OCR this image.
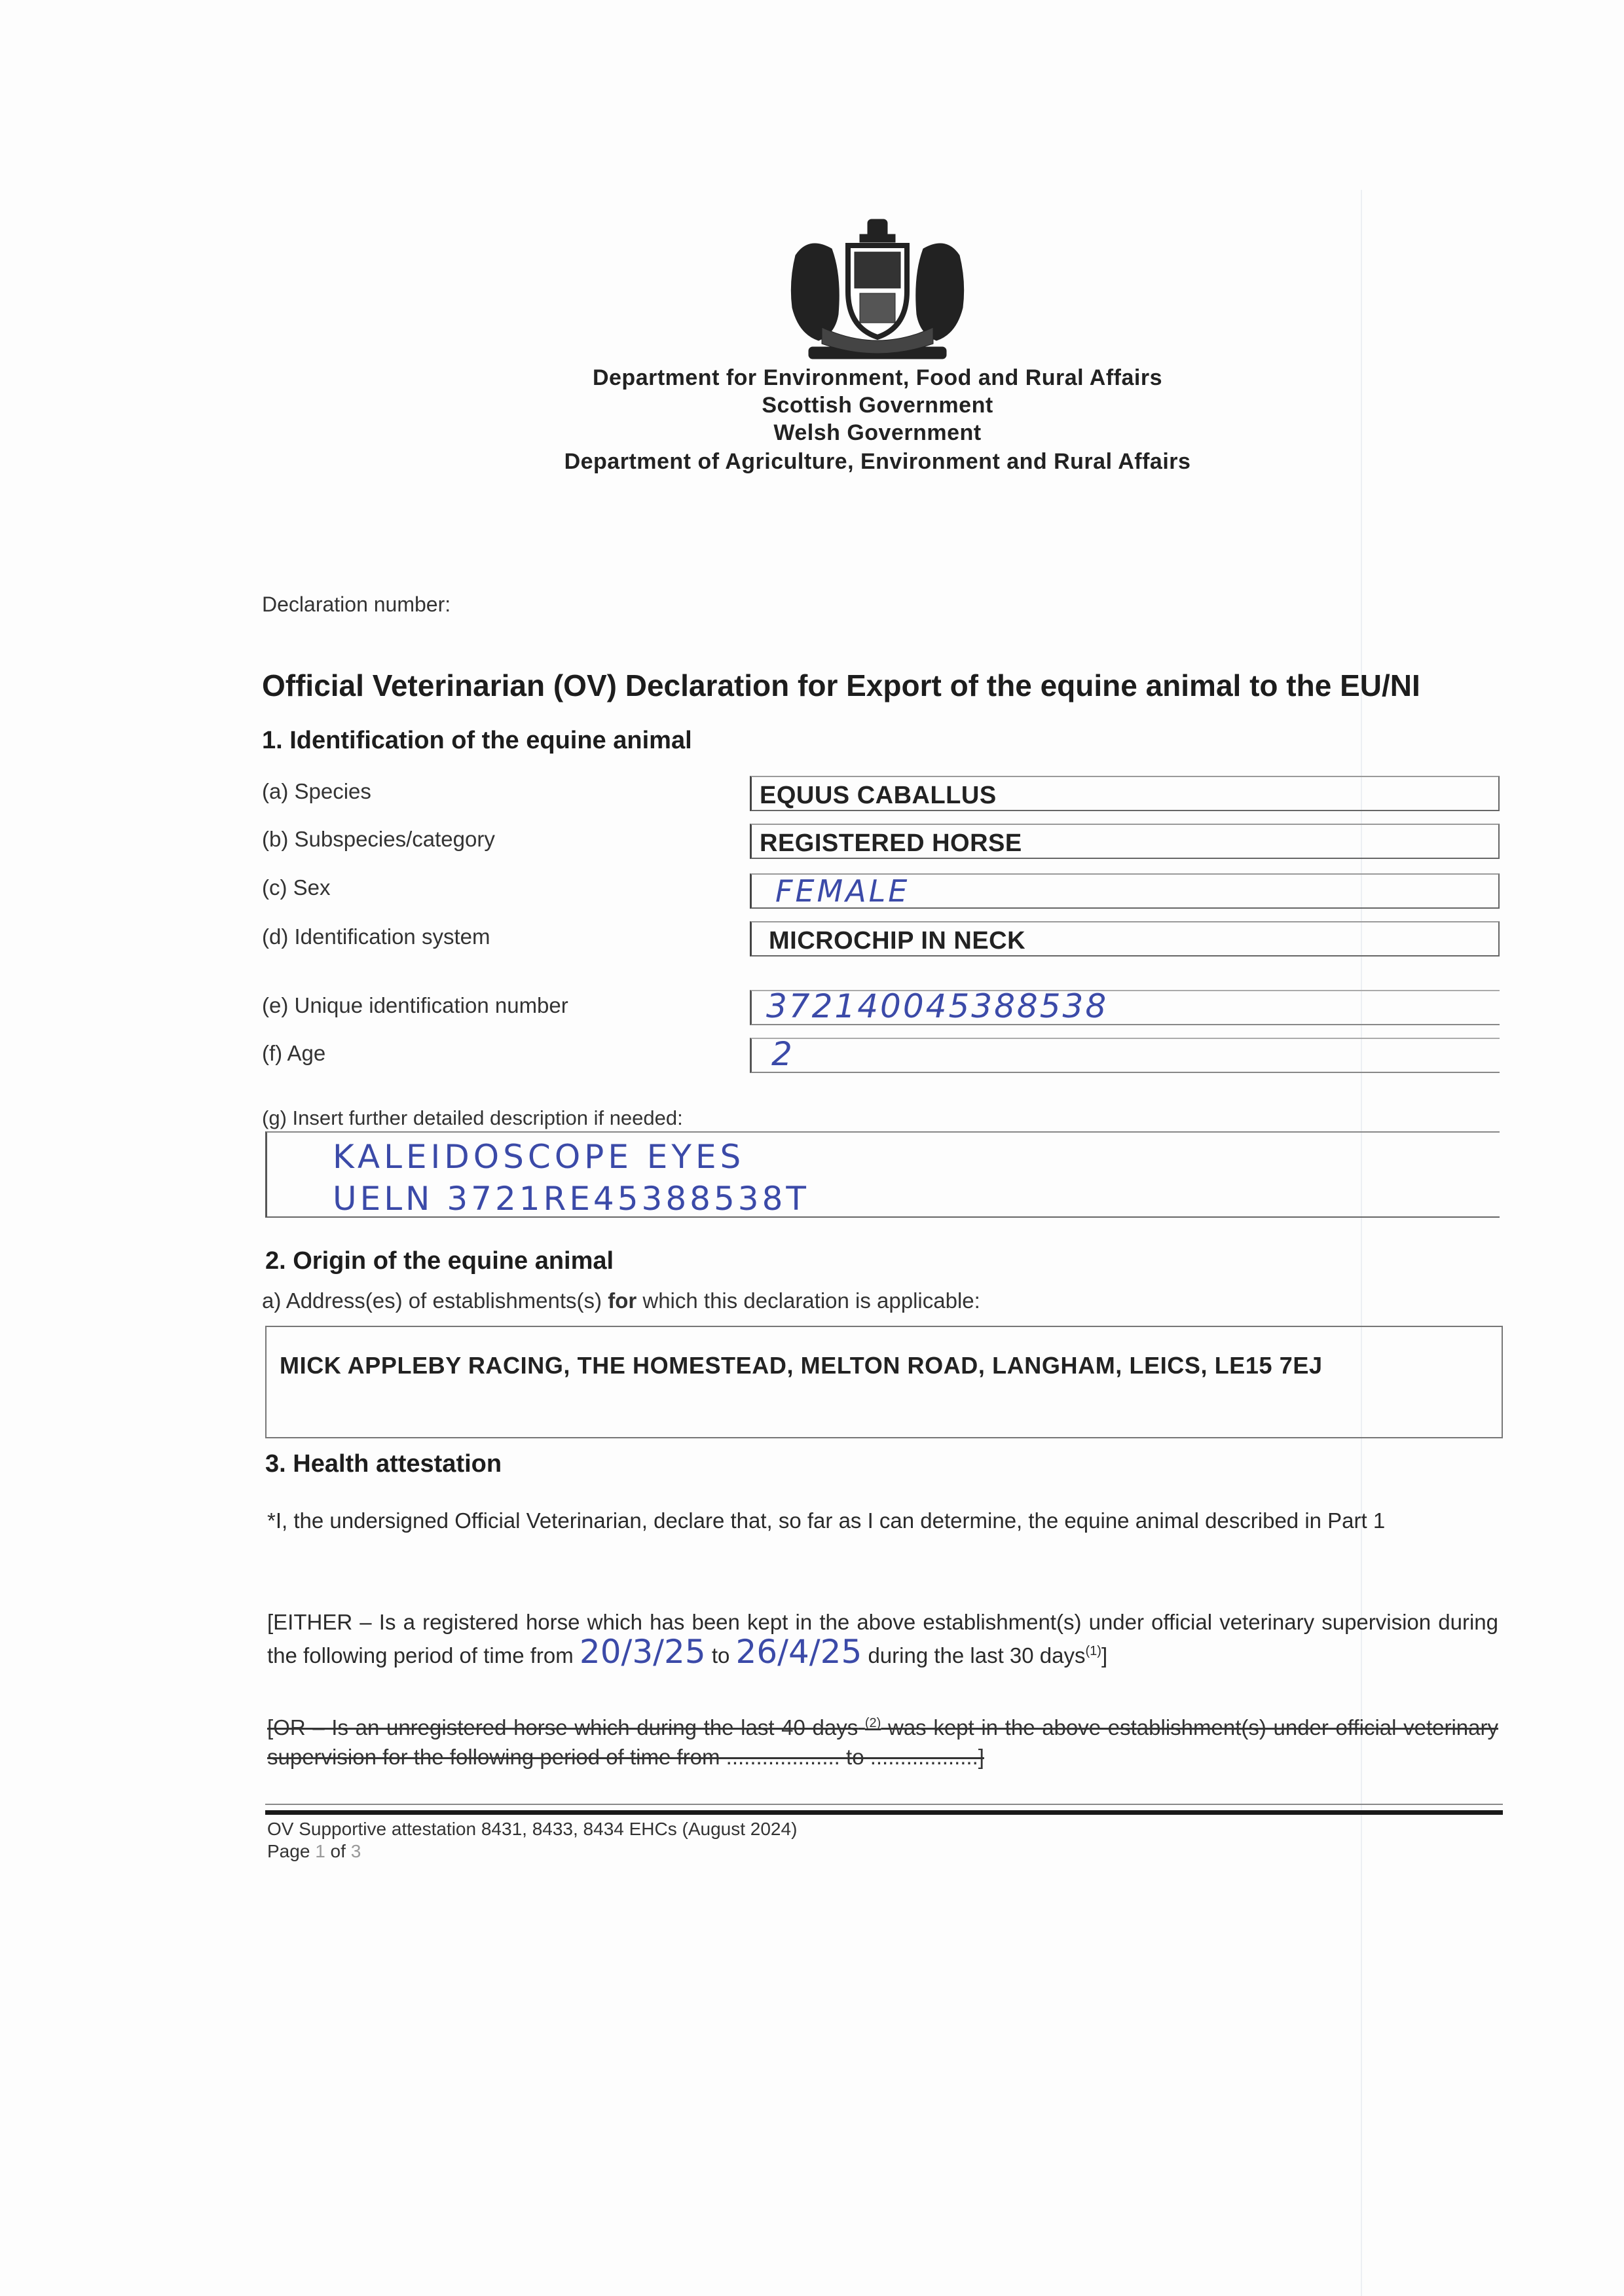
Department for Environment, Food and Rural Affairs
Scottish Government
Welsh Government
Department of Agriculture, Environment and Rural Affairs
Declaration number:
Official Veterinarian (OV) Declaration for Export of the equine animal to the EU/NI
1. Identification of the equine animal
(a) Species	EQUUS CABALLUS
(b) Subspecies/category	REGISTERED HORSE
(c) Sex	FEMALE
(d) Identification system	MICROCHIP IN NECK
(e) Unique identification number	372140045388538
(f) Age	2
(g) Insert further detailed description if needed:
KALEIDOSCOPE EYES
UELN 3721RE45388538T
2. Origin of the equine animal
a) Address(es) of establishments(s) for which this declaration is applicable:
MICK APPLEBY RACING, THE HOMESTEAD, MELTON ROAD, LANGHAM, LEICS, LE15 7EJ
3. Health attestation
*I, the undersigned Official Veterinarian, declare that, so far as I can determine, the equine animal described in Part 1
[EITHER – Is a registered horse which has been kept in the above establishment(s) under official veterinary supervision during the following period of time from 20/3/25 to 26/4/25 during the last 30 days$^{(1)}$]
[OR – Is an unregistered horse which during the last 40 days $^{(2)}$ was kept in the above establishment(s) under official veterinary supervision for the following period of time from ................... to ..................]
OV Supportive attestation 8431, 8433, 8434 EHCs (August 2024)
Page 1 of 3
